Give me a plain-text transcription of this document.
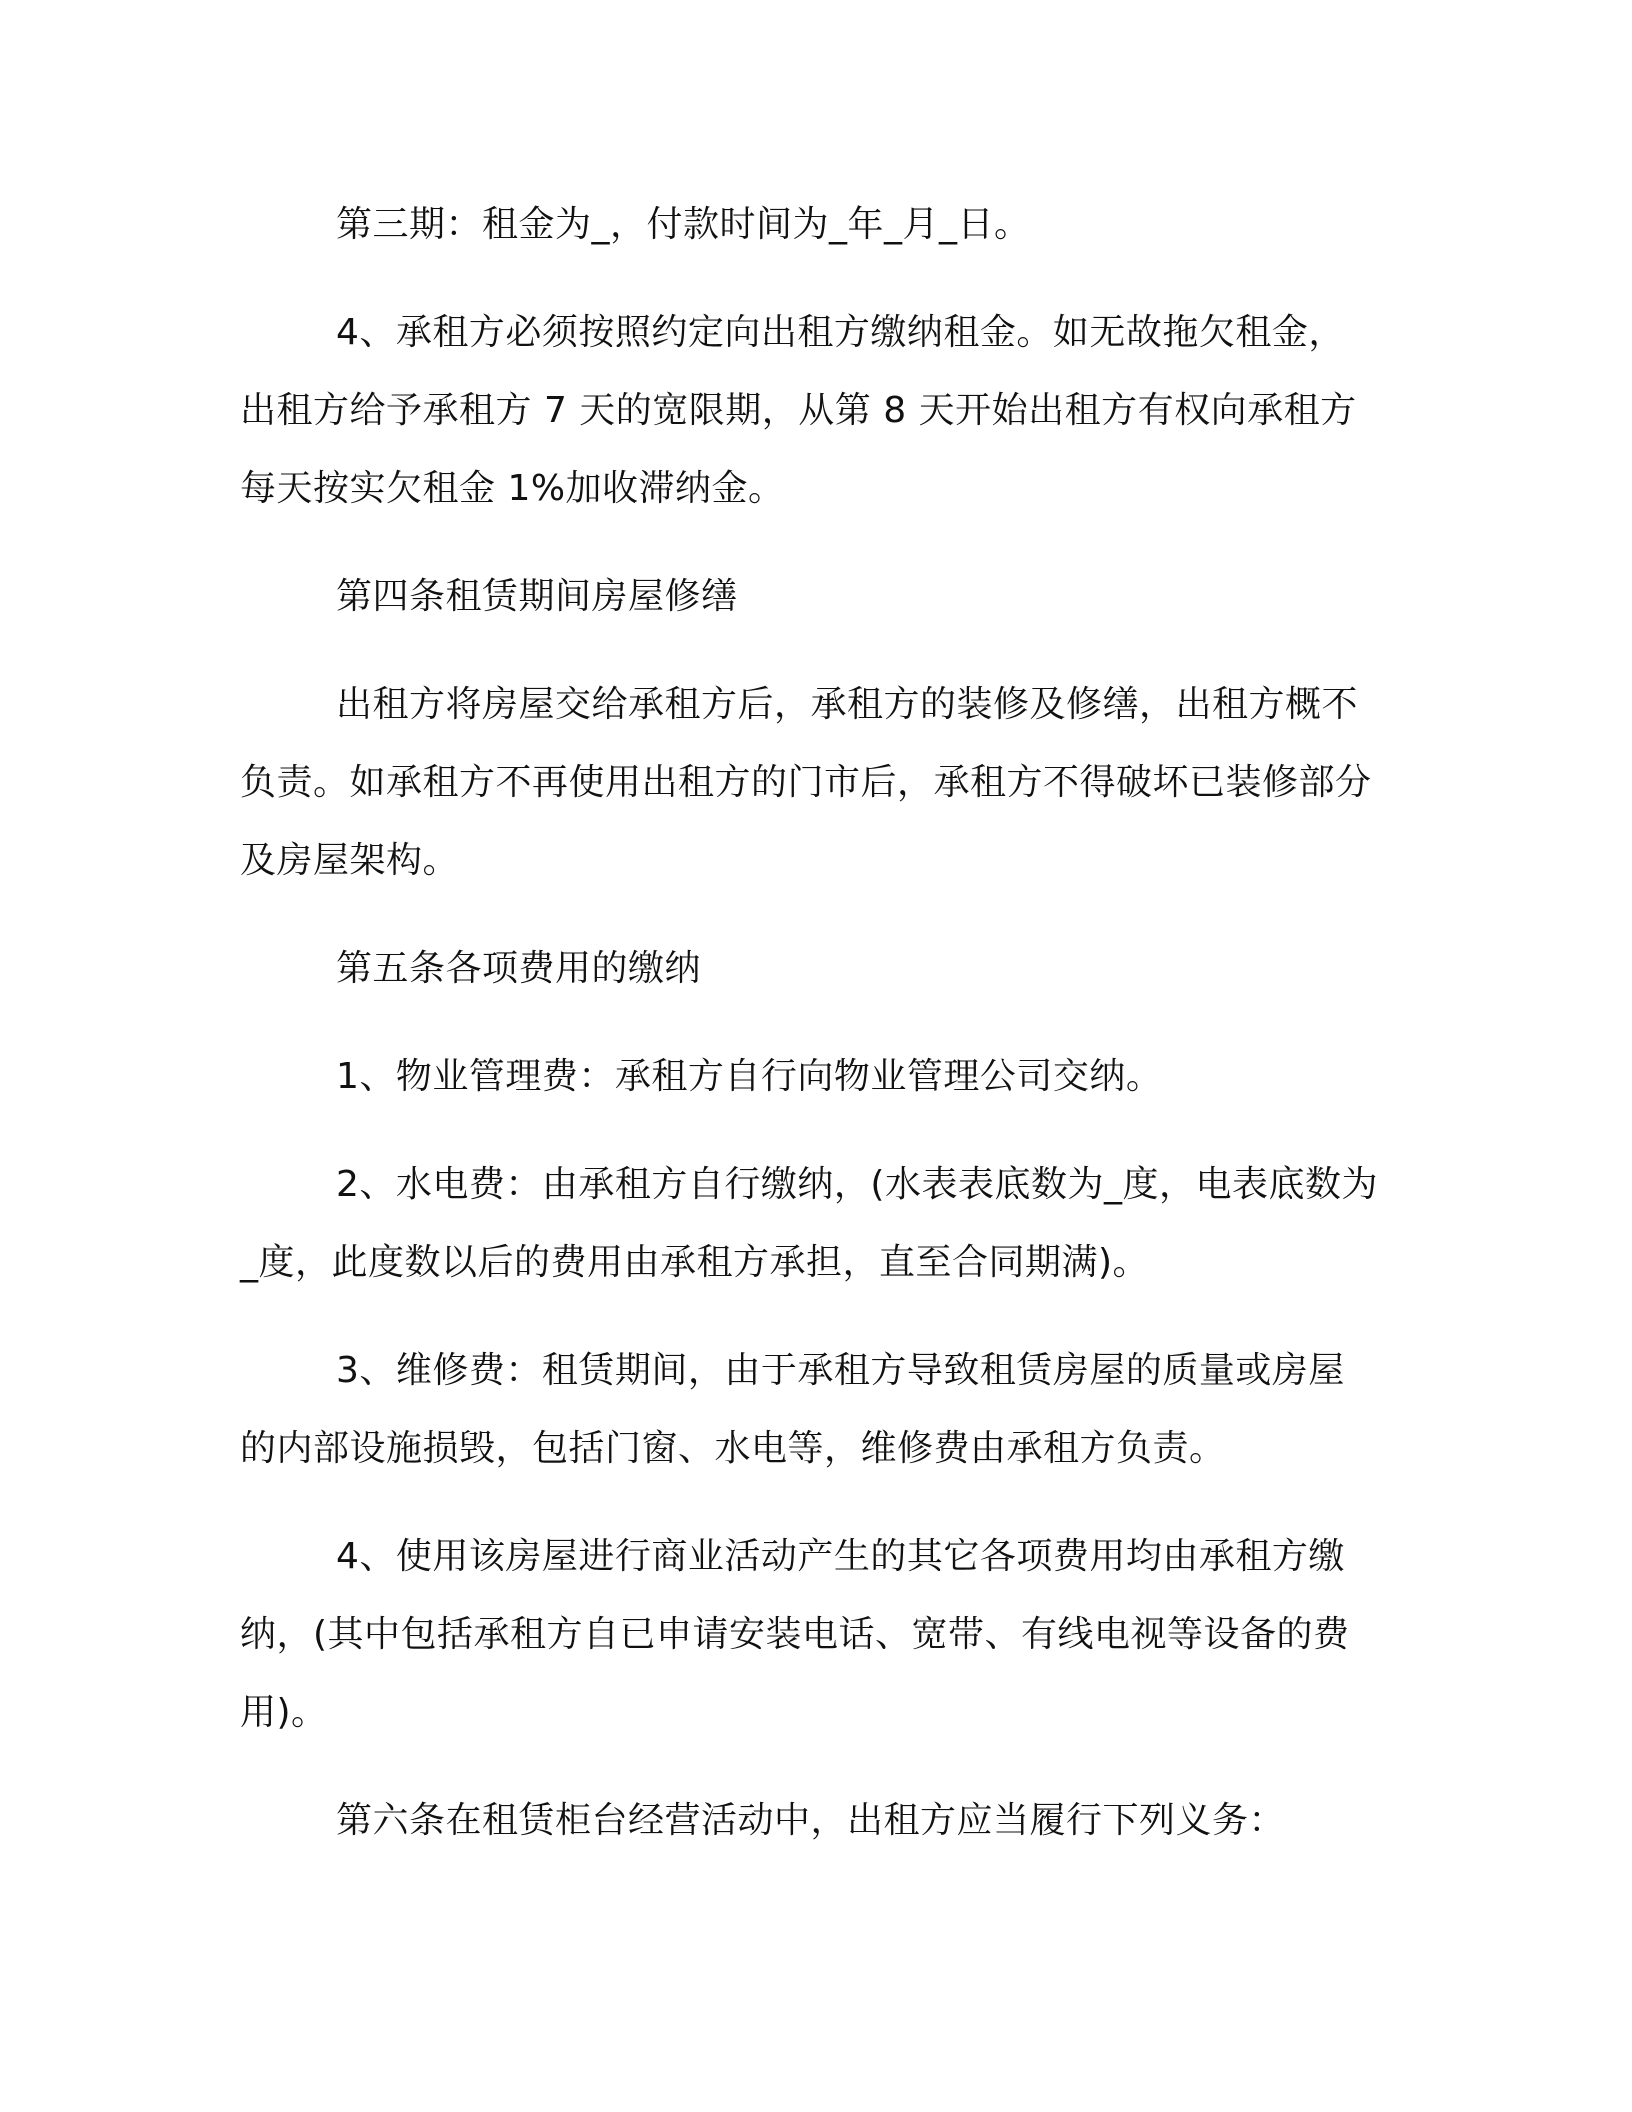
第三期：租金为_，付款时间为_年_月_日。

4、承租方必须按照约定向出租方缴纳租金。如无故拖欠租金，出租方给予承租方 7 天的宽限期，从第 8 天开始出租方有权向承租方每天按实欠租金 1%加收滞纳金。

第四条租赁期间房屋修缮

出租方将房屋交给承租方后，承租方的装修及修缮，出租方概不负责。如承租方不再使用出租方的门市后，承租方不得破坏已装修部分及房屋架构。

第五条各项费用的缴纳

1、物业管理费：承租方自行向物业管理公司交纳。

2、水电费：由承租方自行缴纳，(水表表底数为_度，电表底数为_度，此度数以后的费用由承租方承担，直至合同期满)。

3、维修费：租赁期间，由于承租方导致租赁房屋的质量或房屋的内部设施损毁，包括门窗、水电等，维修费由承租方负责。

4、使用该房屋进行商业活动产生的其它各项费用均由承租方缴纳，(其中包括承租方自已申请安装电话、宽带、有线电视等设备的费用)。

第六条在租赁柜台经营活动中，出租方应当履行下列义务：
